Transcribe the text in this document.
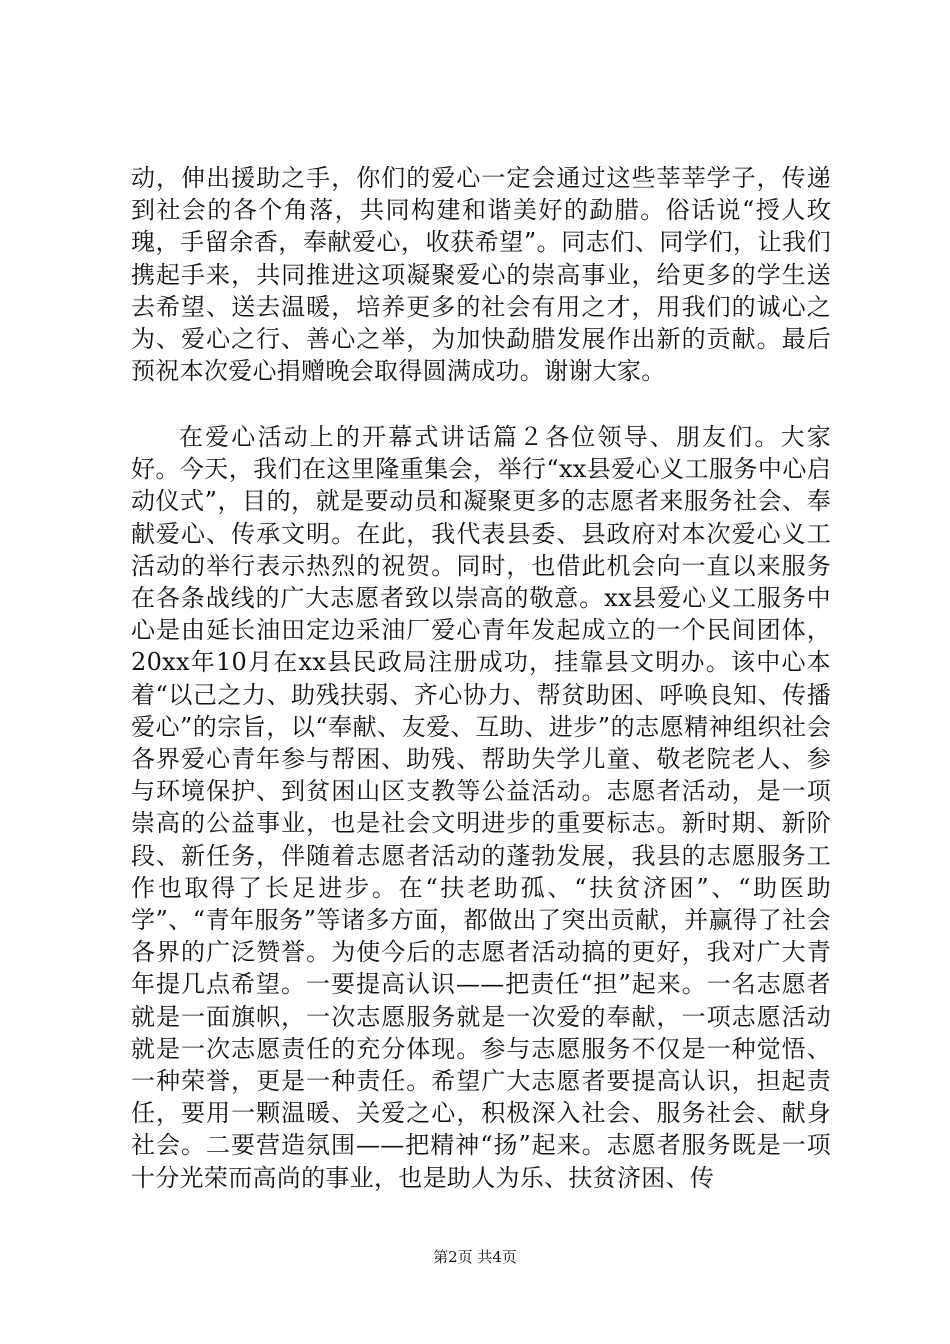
动，伸出援助之手，你们的爱心一定会通过这些莘莘学子，传递到社会的各个角落，共同构建和谐美好的勐腊。俗话说“授人玫瑰，手留余香，奉献爱心，收获希望”。同志们、同学们，让我们携起手来，共同推进这项凝聚爱心的崇高事业，给更多的学生送去希望、送去温暖，培养更多的社会有用之才，用我们的诚心之为、爱心之行、善心之举，为加快勐腊发展作出新的贡献。最后预祝本次爱心捐赠晚会取得圆满成功。谢谢大家。
在爱心活动上的开幕式讲话篇２各位领导、朋友们。大家好。今天，我们在这里隆重集会，举行“xx县爱心义工服务中心启动仪式”，目的，就是要动员和凝聚更多的志愿者来服务社会、奉献爱心、传承文明。在此，我代表县委、县政府对本次爱心义工活动的举行表示热烈的祝贺。同时，也借此机会向一直以来服务在各条战线的广大志愿者致以崇高的敬意。xx县爱心义工服务中心是由延长油田定边采油厂爱心青年发起成立的一个民间团体，20xx年10月在xx县民政局注册成功，挂靠县文明办。该中心本着“以己之力、助残扶弱、齐心协力、帮贫助困、呼唤良知、传播爱心”的宗旨，以“奉献、友爱、互助、进步”的志愿精神组织社会各界爱心青年参与帮困、助残、帮助失学儿童、敬老院老人、参与环境保护、到贫困山区支教等公益活动。志愿者活动，是一项崇高的公益事业，也是社会文明进步的重要标志。新时期、新阶段、新任务，伴随着志愿者活动的蓬勃发展，我县的志愿服务工作也取得了长足进步。在“扶老助孤、“扶贫济困”、“助医助学”、“青年服务”等诸多方面，都做出了突出贡献，并赢得了社会各界的广泛赞誉。为使今后的志愿者活动搞的更好，我对广大青年提几点希望。一要提高认识——把责任“担”起来。一名志愿者就是一面旗帜，一次志愿服务就是一次爱的奉献，一项志愿活动就是一次志愿责任的充分体现。参与志愿服务不仅是一种觉悟、一种荣誉，更是一种责任。希望广大志愿者要提高认识，担起责任，要用一颗温暖、关爱之心，积极深入社会、服务社会、献身社会。二要营造氛围——把精神“扬”起来。志愿者服务既是一项十分光荣而高尚的事业，也是助人为乐、扶贫济困、传
第2页 共4页
